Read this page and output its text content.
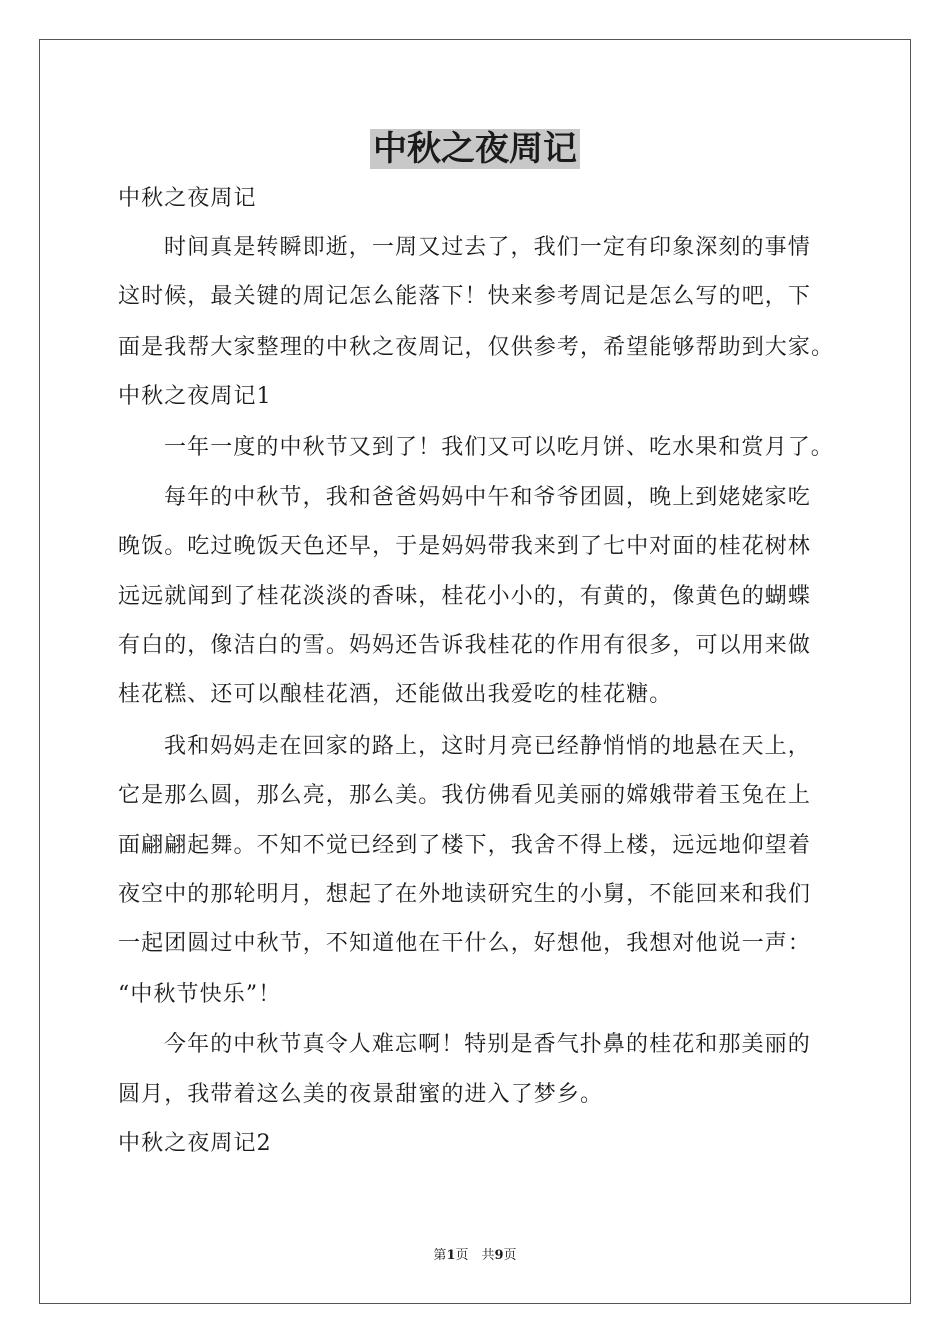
中秋之夜周记
中秋之夜周记
时间真是转瞬即逝，一周又过去了，我们一定有印象深刻的事情
这时候，最关键的周记怎么能落下！快来参考周记是怎么写的吧，下
面是我帮大家整理的中秋之夜周记，仅供参考，希望能够帮助到大家。
中秋之夜周记1
一年一度的中秋节又到了！我们又可以吃月饼、吃水果和赏月了。
每年的中秋节，我和爸爸妈妈中午和爷爷团圆，晚上到姥姥家吃
晚饭。吃过晚饭天色还早，于是妈妈带我来到了七中对面的桂花树林
远远就闻到了桂花淡淡的香味，桂花小小的，有黄的，像黄色的蝴蝶
有白的，像洁白的雪。妈妈还告诉我桂花的作用有很多，可以用来做
桂花糕、还可以酿桂花酒，还能做出我爱吃的桂花糖。
我和妈妈走在回家的路上，这时月亮已经静悄悄的地悬在天上，
它是那么圆，那么亮，那么美。我仿佛看见美丽的嫦娥带着玉兔在上
面翩翩起舞。不知不觉已经到了楼下，我舍不得上楼，远远地仰望着
夜空中的那轮明月，想起了在外地读研究生的小舅，不能回来和我们
一起团圆过中秋节，不知道他在干什么，好想他，我想对他说一声：
“中秋节快乐”！
今年的中秋节真令人难忘啊！特别是香气扑鼻的桂花和那美丽的
圆月，我带着这么美的夜景甜蜜的进入了梦乡。
中秋之夜周记2
第1页　共9页
